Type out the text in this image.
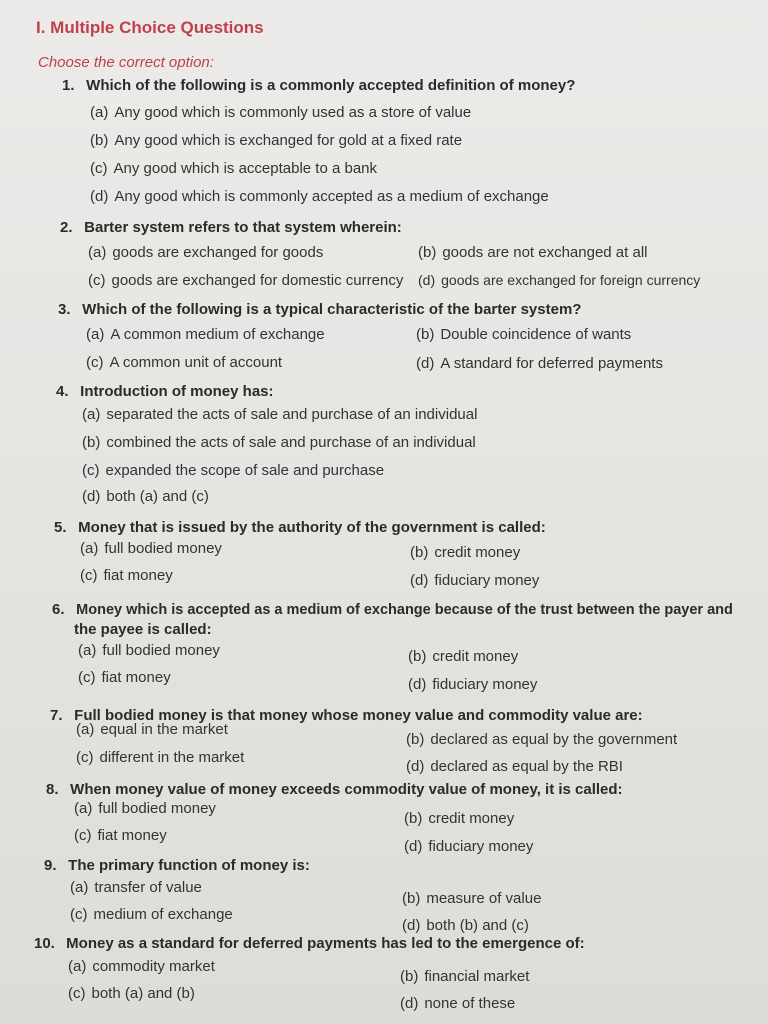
I. Multiple Choice Questions
Choose the correct option:
1. Which of the following is a commonly accepted definition of money?
(a) Any good which is commonly used as a store of value
(b) Any good which is exchanged for gold at a fixed rate
(c) Any good which is acceptable to a bank
(d) Any good which is commonly accepted as a medium of exchange
2. Barter system refers to that system wherein:
(a) goods are exchanged for goods	(b) goods are not exchanged at all
(c) goods are exchanged for domestic currency (d) goods are exchanged for foreign currency
3. Which of the following is a typical characteristic of the barter system?
(a) A common medium of exchange	(b) Double coincidence of wants
(c) A common unit of account	(d) A standard for deferred payments
4. Introduction of money has:
(a) separated the acts of sale and purchase of an individual
(b) combined the acts of sale and purchase of an individual
(c) expanded the scope of sale and purchase
(d) both (a) and (c)
5. Money that is issued by the authority of the government is called:
(a) full bodied money	(b) credit money
(c) fiat money	(d) fiduciary money
6. Money which is accepted as a medium of exchange because of the trust between the payer and
the payee is called:
(a) full bodied money	(b) credit money
(c) fiat money	(d) fiduciary money
7. Full bodied money is that money whose money value and commodity value are:
(a) equal in the market
(b) declared as equal by the government
(c) different in the market
(d) declared as equal by the RBI
8. When money value of money exceeds commodity value of money, it is called:
(a) full bodied money
(b) credit money
(c) fiat money
(d) fiduciary money
9. The primary function of money is:
(a) transfer of value
(b) measure of value
(c) medium of exchange
(d) both (b) and (c)
10. Money as a standard for deferred payments has led to the emergence of:
(a) commodity market
(b) financial market
(c) both (a) and (b)
(d) none of these
